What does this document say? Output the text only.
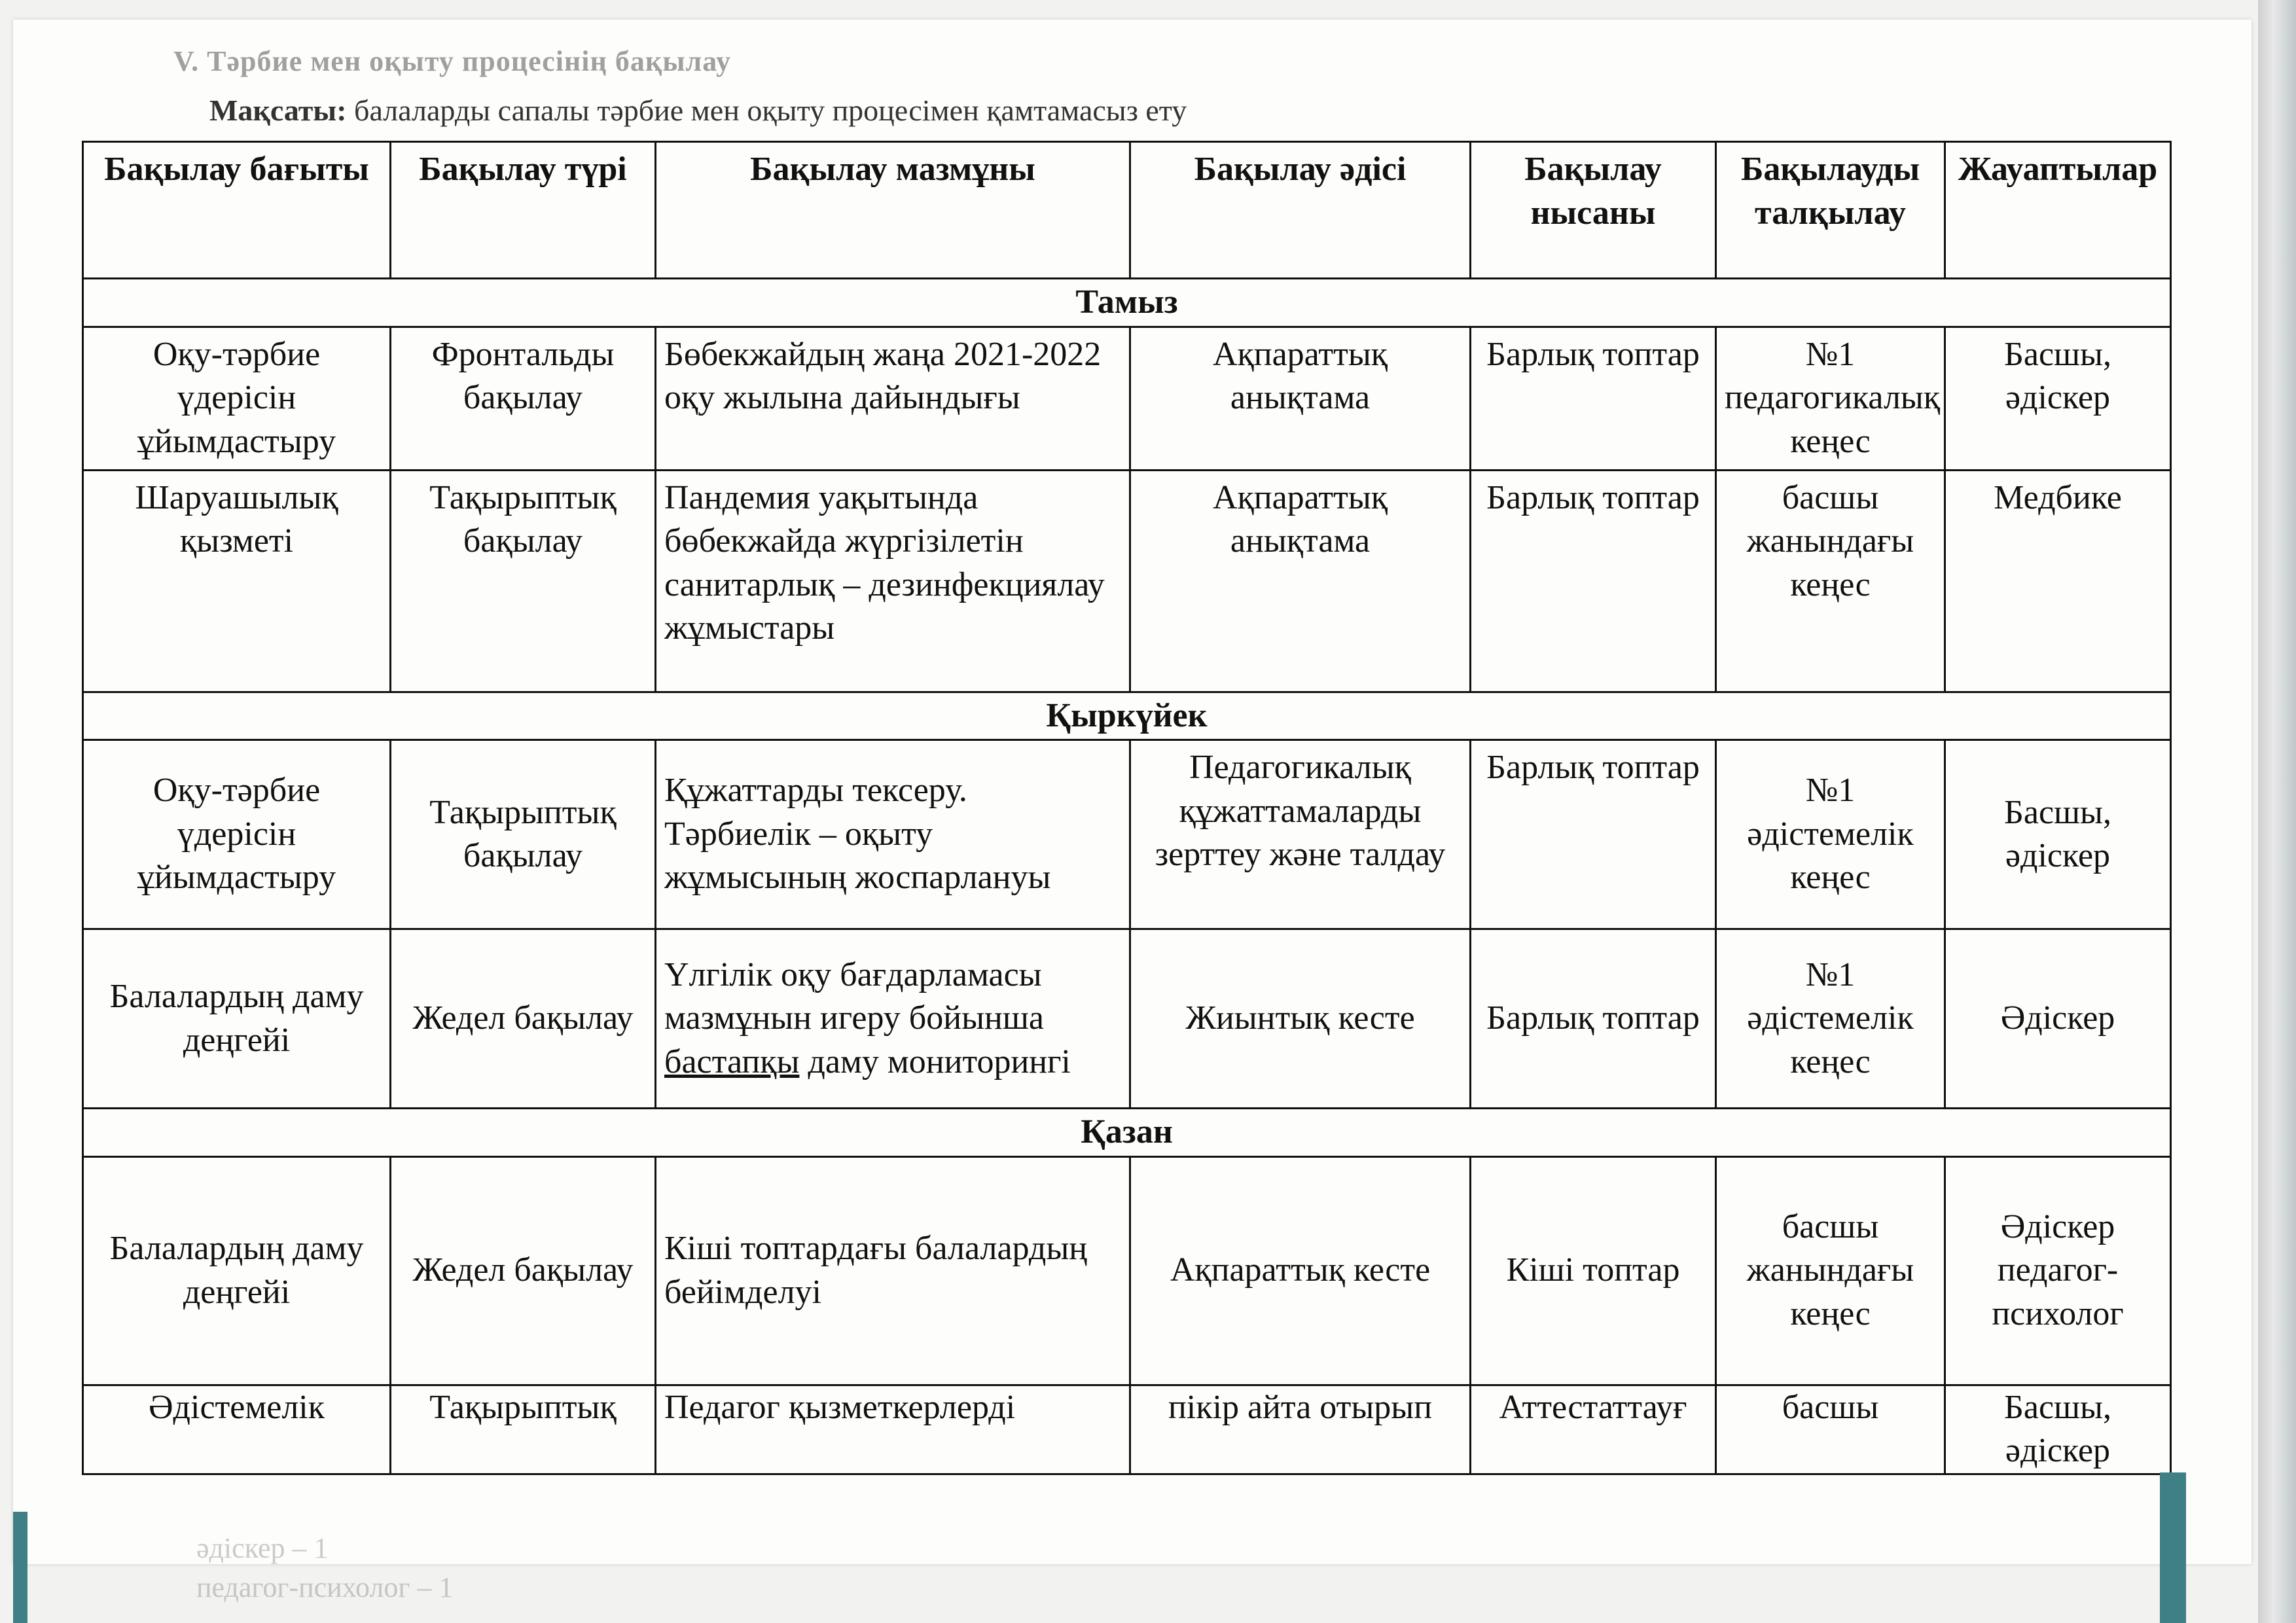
V. Тәрбие мен оқыту процесінің бақылау
Мақсаты: балаларды сапалы тәрбие мен оқыту процесімен қамтамасыз ету
Бақылау бағыты	Бақылау түрі	Бақылау мазмұны	Бақылау әдісі	Бақылау нысаны	Бақылауды талқылау	Жауаптылар
Тамыз						
Оқу-тәрбие үдерісін ұйымдастыру	Фронтальды бақылау	Бөбекжайдың жаңа 2021-2022 оқу жылына дайындығы	Ақпараттық анықтама	Барлық топтар	№1 педагогикалық кеңес	Басшы, әдіскер
Шаруашылық қызметі	Тақырыптық бақылау	Пандемия уақытында бөбекжайда жүргізілетін санитарлық – дезинфекциялау жұмыстары	Ақпараттық анықтама	Барлық топтар	басшы жанындағы кеңес	Медбике
Қыркүйек						
Оқу-тәрбие үдерісін ұйымдастыру	Тақырыптық бақылау	Құжаттарды тексеру. Тәрбиелік – оқыту жұмысының жоспарлануы	Педагогикалық құжаттамаларды зерттеу және талдау	Барлық топтар	№1 әдістемелік кеңес	Басшы, әдіскер
Балалардың даму деңгейі	Жедел бақылау	Үлгілік оқу бағдарламасы мазмұнын игеру бойынша бастапқы даму мониторингі	Жиынтық кесте	Барлық топтар	№1 әдістемелік кеңес	Әдіскер
Қазан						
Балалардың даму деңгейі	Жедел бақылау	Кіші топтардағы балалардың бейімделуі	Ақпараттық кесте	Кіші топтар	басшы жанындағы кеңес	Әдіскер педагог-психолог
Әдістемелік	Тақырыптық	Педагог қызметкерлерді	пікір айта отырып	Аттестаттауғ	басшы	Басшы, әдіскер
әдіскер – 1
педагог-психолог – 1
